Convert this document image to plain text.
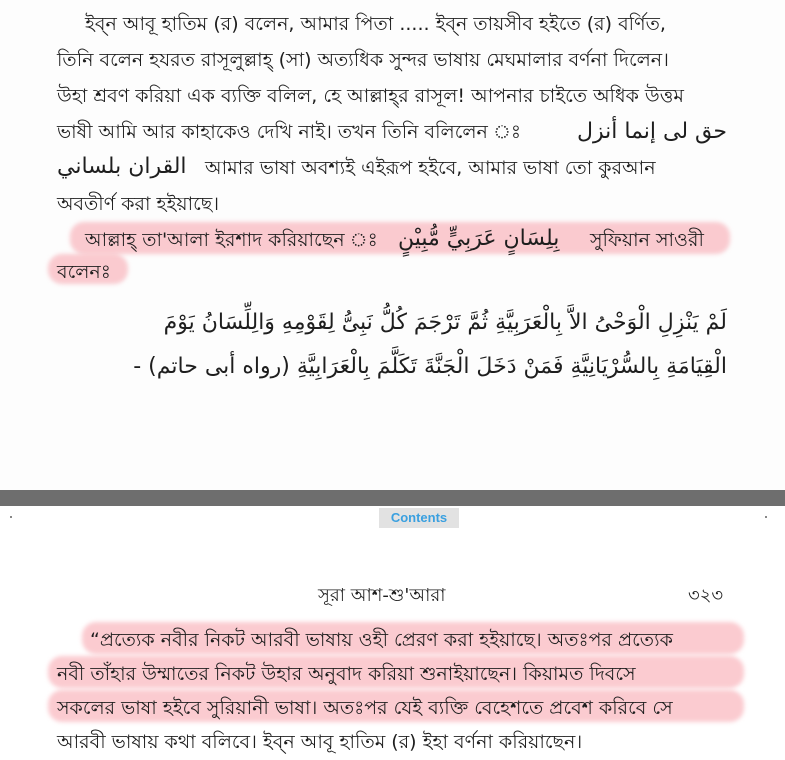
ইব্‌ন আবূ হাতিম (র) বলেন, আমার পিতা ..... ইব্‌ন তায়সীব হইতে (র) বর্ণিত,
তিনি বলেন হযরত রাসূলুল্লাহ্‌ (সা) অত্যধিক সুন্দর ভাষায় মেঘমালার বর্ণনা দিলেন।
উহা শ্রবণ করিয়া এক ব্যক্তি বলিল, হে আল্লাহ্‌র রাসূল! আপনার চাইতে অধিক উত্তম
ভাষী আমি আর কাহাকেও দেখি নাই। তখন তিনি বলিলেন ঃ	حق لى إنما أنزل
القران بلساني আমার ভাষা অবশ্যই এইরূপ হইবে, আমার ভাষা তো কুরআন
অবতীর্ণ করা হইয়াছে।
আল্লাহ্‌ তা'আলা ইরশাদ করিয়াছেন ঃ بِلِسَانٍ عَرَبِيٍّ مُّبِيْنٍ সুফিয়ান সাওরী
বলেনঃ
لَمْ يَنْزِلِ الْوَحْىُ الاَّ بِالْعَرَبِيَّةِ ثُمَّ تَرْجَمَ كُلُّ نَبِىُّ لِقَوْمِهِ وَالِلِّسَانُ يَوْمَ
الْقِيَامَةِ بِالسُّرْيَانِيَّةِ فَمَنْ دَخَلَ الْجَنَّةَ تَكَلَّمَ بِالْعَرَابِيَّةِ (رواه أبى حاتم) -
Contents
সূরা আশ-শু'আরা	৩২৩
“প্রত্যেক নবীর নিকট আরবী ভাষায় ওহী প্রেরণ করা হইয়াছে। অতঃপর প্রত্যেক
নবী তাঁহার উম্মাতের নিকট উহার অনুবাদ করিয়া শুনাইয়াছেন। কিয়ামত দিবসে
সকলের ভাষা হইবে সুরিয়ানী ভাষা। অতঃপর যেই ব্যক্তি বেহেশতে প্রবেশ করিবে সে
আরবী ভাষায় কথা বলিবে। ইব্‌ন আবূ হাতিম (র) ইহা বর্ণনা করিয়াছেন।
